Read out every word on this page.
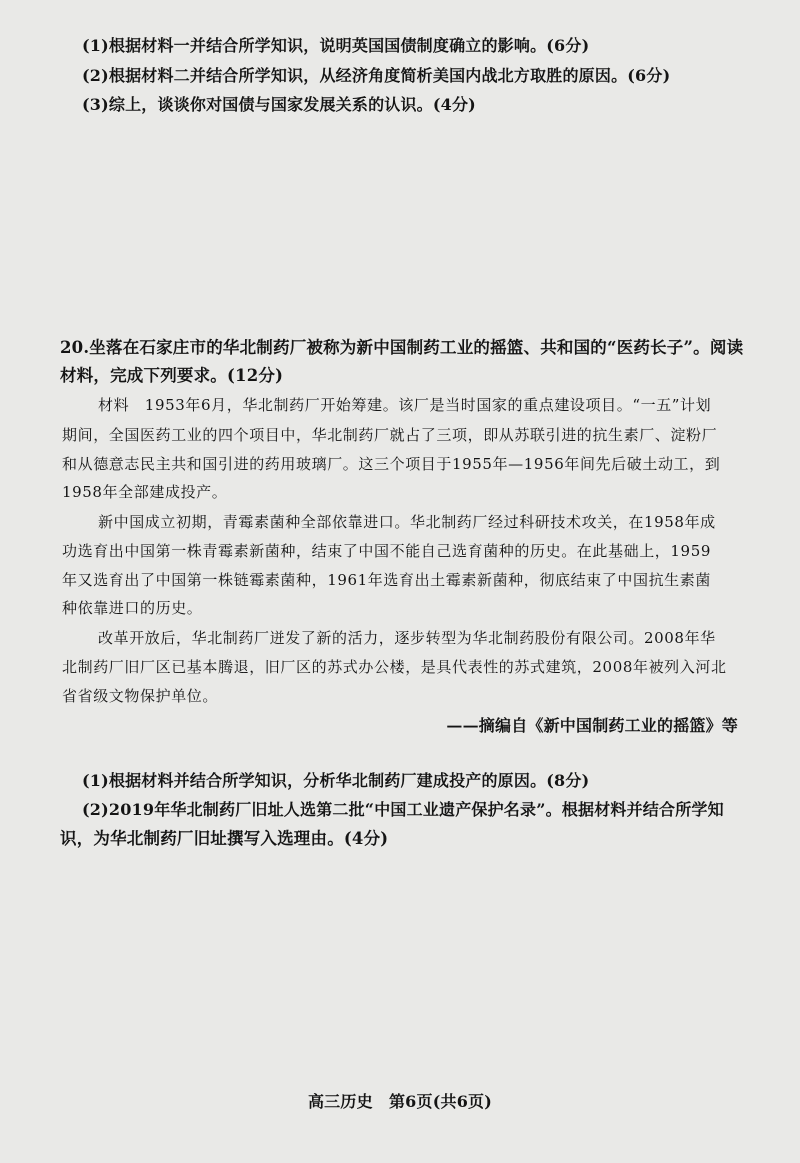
(1)根据材料一并结合所学知识，说明英国国债制度确立的影响。(6分)
(2)根据材料二并结合所学知识，从经济角度简析美国内战北方取胜的原因。(6分)
(3)综上，谈谈你对国债与国家发展关系的认识。(4分)
20.坐落在石家庄市的华北制药厂被称为新中国制药工业的摇篮、共和国的“医药长子”。阅读
材料，完成下列要求。(12分)
材料　1953年6月，华北制药厂开始筹建。该厂是当时国家的重点建设项目。“一五”计划
期间，全国医药工业的四个项目中，华北制药厂就占了三项，即从苏联引进的抗生素厂、淀粉厂
和从德意志民主共和国引进的药用玻璃厂。这三个项目于1955年—1956年间先后破土动工，到
1958年全部建成投产。
新中国成立初期，青霉素菌种全部依靠进口。华北制药厂经过科研技术攻关，在1958年成
功选育出中国第一株青霉素新菌种，结束了中国不能自己选育菌种的历史。在此基础上，1959
年又选育出了中国第一株链霉素菌种，1961年选育出土霉素新菌种，彻底结束了中国抗生素菌
种依靠进口的历史。
改革开放后，华北制药厂迸发了新的活力，逐步转型为华北制药股份有限公司。2008年华
北制药厂旧厂区已基本腾退，旧厂区的苏式办公楼，是具代表性的苏式建筑，2008年被列入河北
省省级文物保护单位。
——摘编自《新中国制药工业的摇篮》等
(1)根据材料并结合所学知识，分析华北制药厂建成投产的原因。(8分)
(2)2019年华北制药厂旧址人选第二批“中国工业遗产保护名录”。根据材料并结合所学知
识，为华北制药厂旧址撰写入选理由。(4分)
高三历史　第6页(共6页)
